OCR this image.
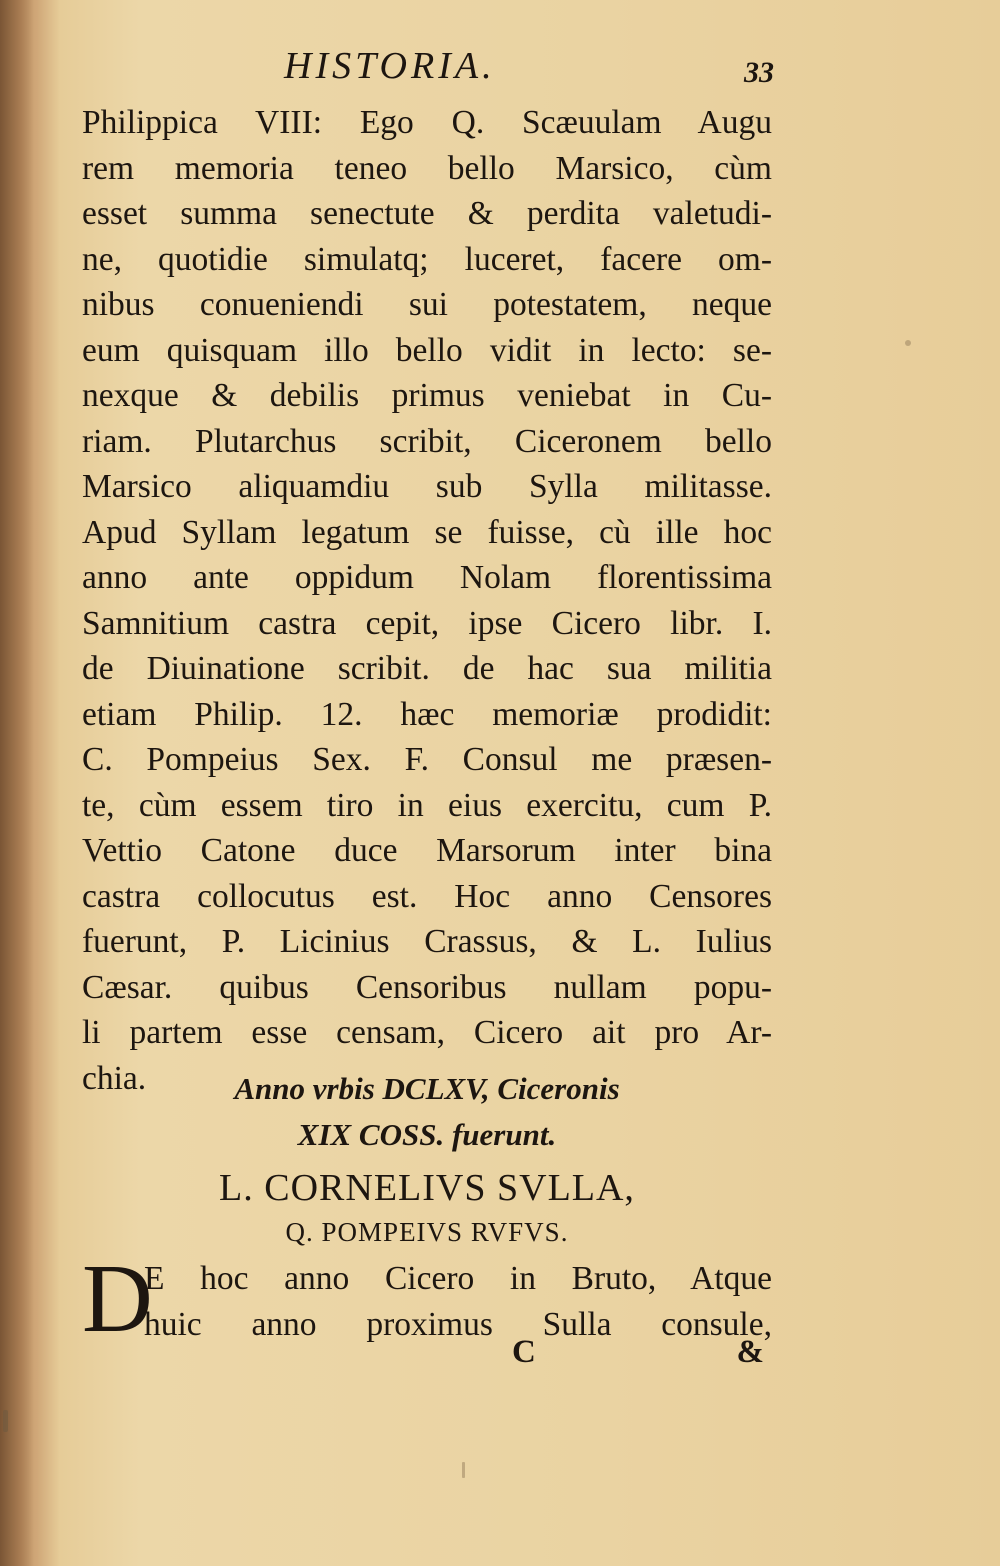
HISTORIA.	33
Philippica VIII: Ego Q. Scæuulam Augu
rem memoria teneo bello Marsico, cùm
esset summa senectute & perdita valetudi-
ne, quotidie simulatq; luceret, facere om-
nibus conueniendi sui potestatem, neque
eum quisquam illo bello vidit in lecto: se-
nexque & debilis primus veniebat in Cu-
riam. Plutarchus scribit, Ciceronem bello
Marsico aliquamdiu sub Sylla militasse.
Apud Syllam legatum se fuisse, cù ille hoc
anno ante oppidum Nolam florentissima
Samnitium castra cepit, ipse Cicero libr. I.
de Diuinatione scribit. de hac sua militia
etiam Philip. 12. hæc memoriæ prodidit:
C. Pompeius Sex. F. Consul me præsen-
te, cùm essem tiro in eius exercitu, cum P.
Vettio Catone duce Marsorum inter bina
castra collocutus est. Hoc anno Censores
fuerunt, P. Licinius Crassus, & L. Iulius
Cæsar. quibus Censoribus nullam popu-
li partem esse censam, Cicero ait pro Ar-
chia.	Anno vrbis DCLXV, Ciceronis
XIX COSS. fuerunt.
L. CORNELIVS SVLLA,
Q. POMPEIVS RVFVS.
D
E hoc anno Cicero in Bruto, Atque
huic anno proximus Sulla consule,
C	&
